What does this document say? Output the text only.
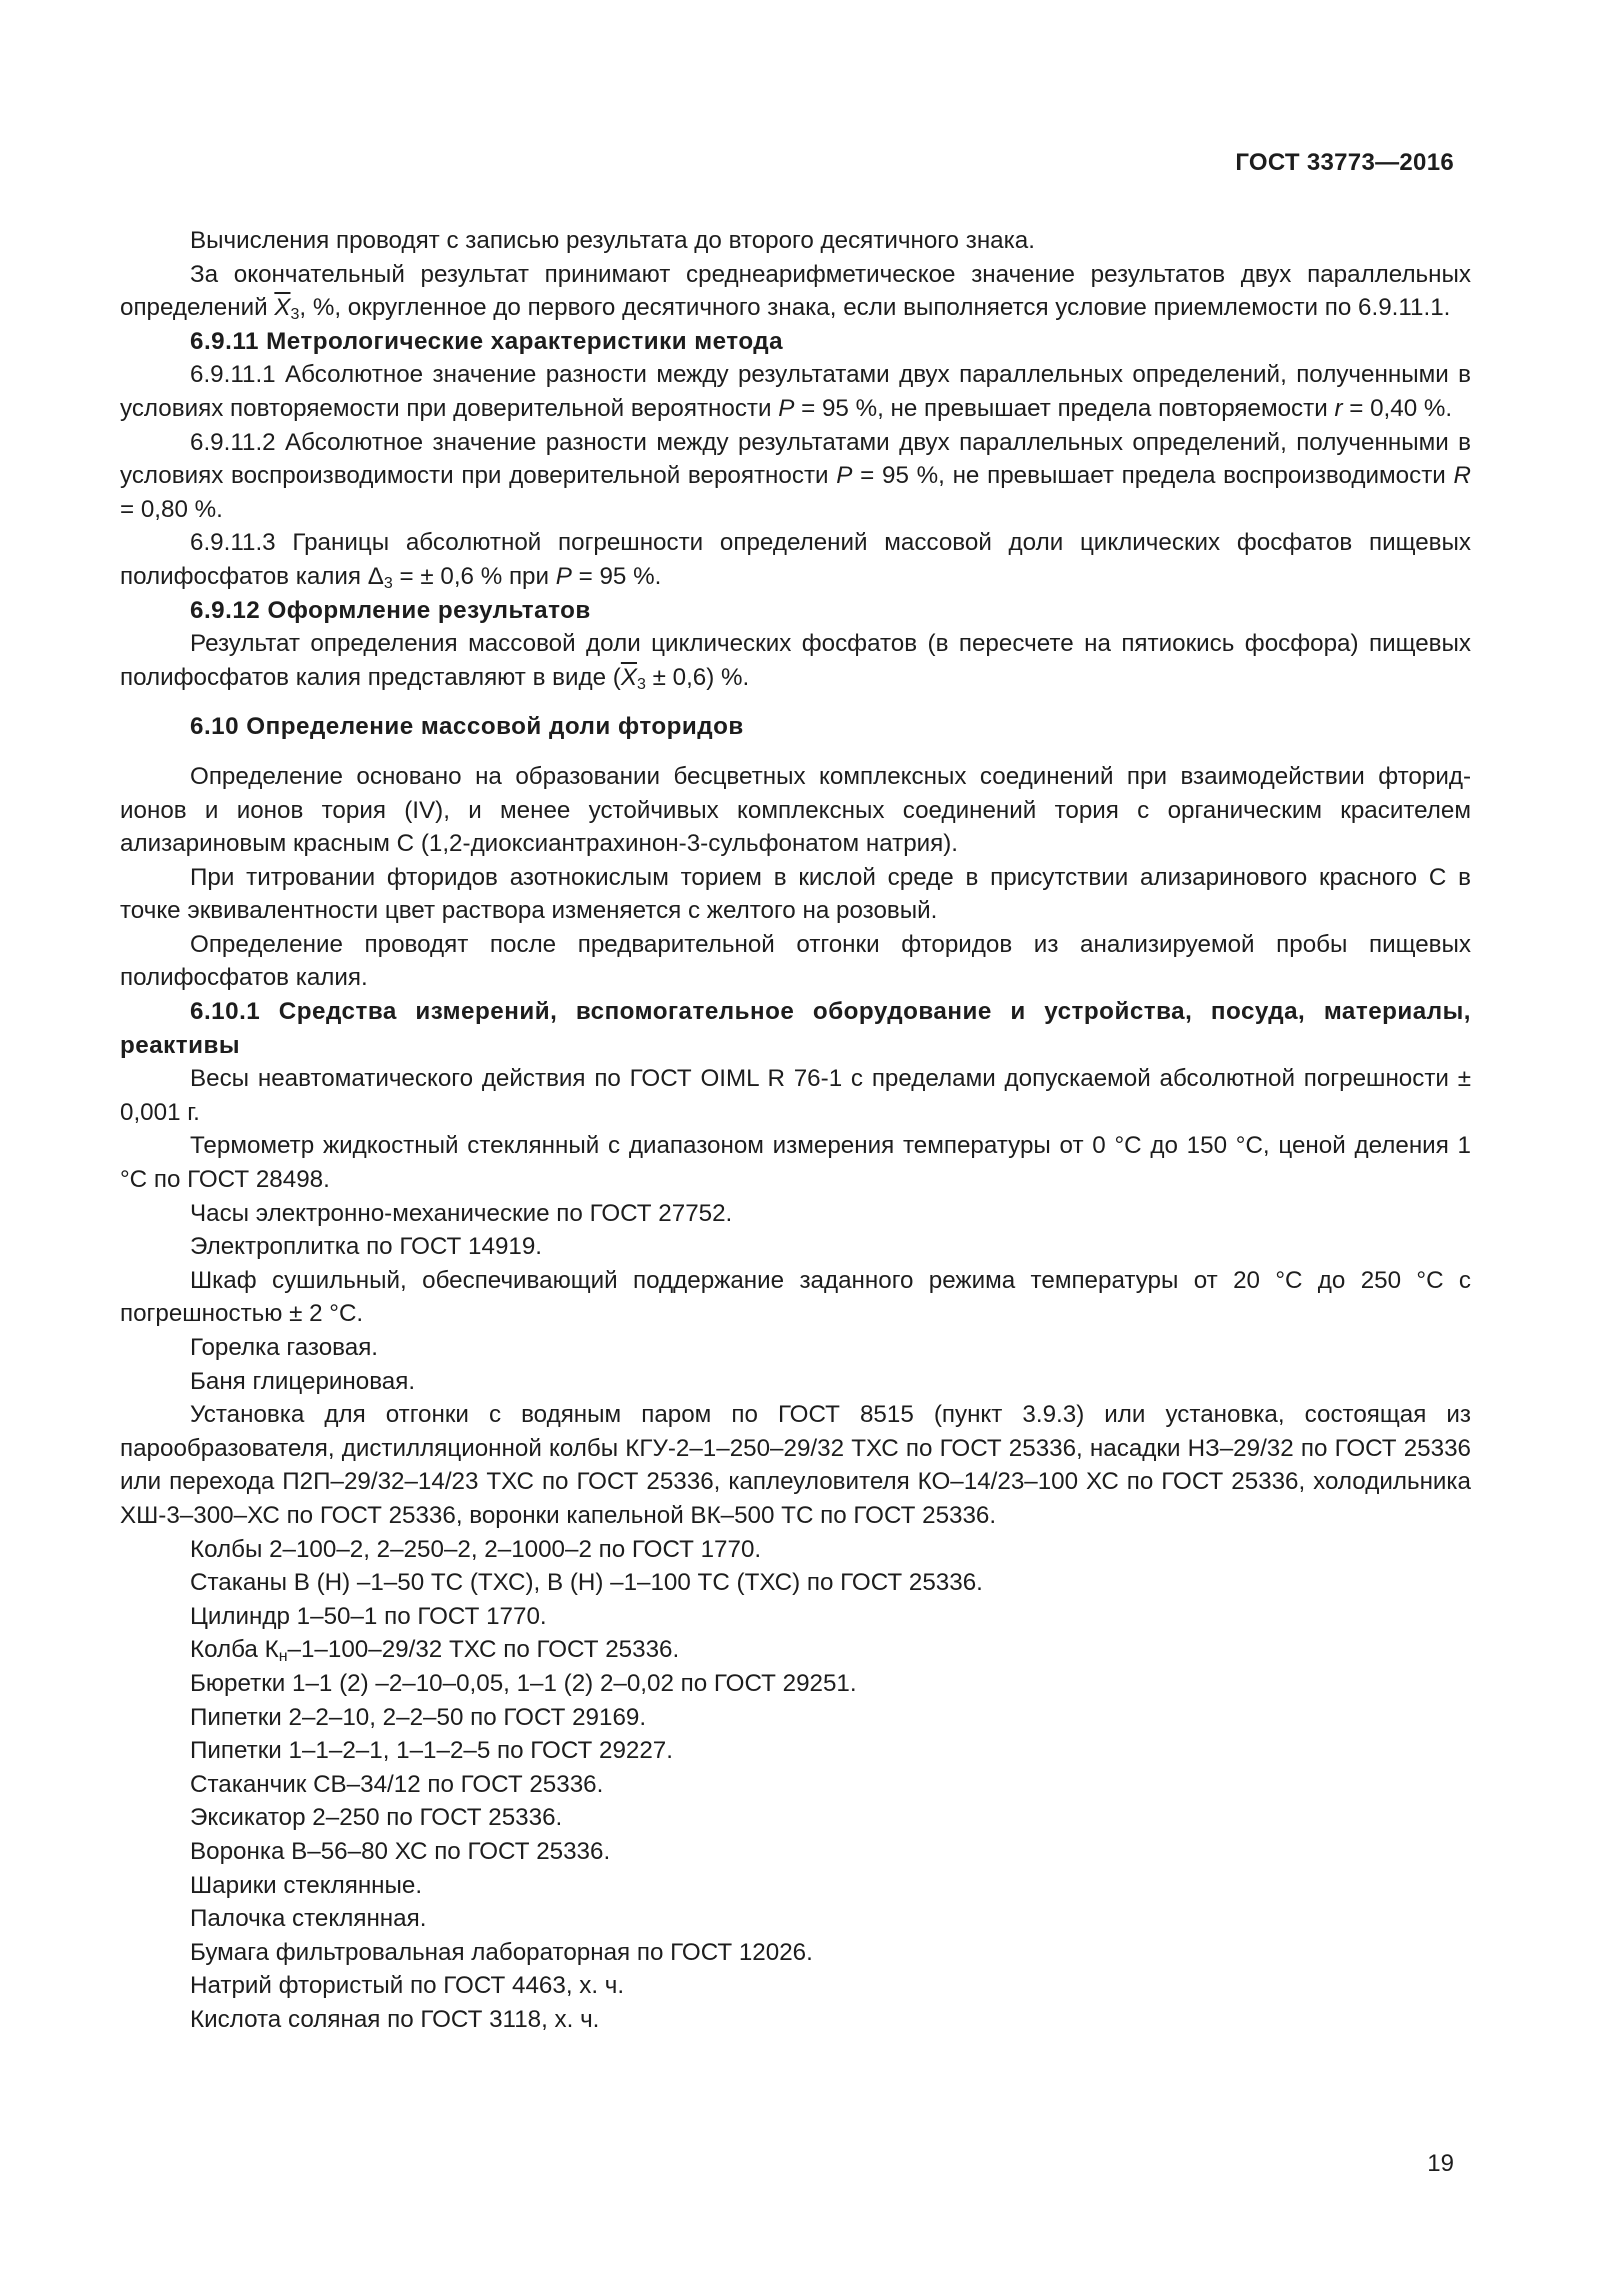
ГОСТ 33773—2016

Вычисления проводят с записью результата до второго десятичного знака.

За окончательный результат принимают среднеарифметическое значение результатов двух параллельных определений $\overline{X}_3$, %, округленное до первого десятичного знака, если выполняется условие приемлемости по 6.9.11.1.

6.9.11 Метрологические характеристики метода

6.9.11.1 Абсолютное значение разности между результатами двух параллельных определений, полученными в условиях повторяемости при доверительной вероятности P = 95 %, не превышает предела повторяемости r = 0,40 %.

6.9.11.2 Абсолютное значение разности между результатами двух параллельных определений, полученными в условиях воспроизводимости при доверительной вероятности P = 95 %, не превышает предела воспроизводимости R = 0,80 %.

6.9.11.3 Границы абсолютной погрешности определений массовой доли циклических фосфатов пищевых полифосфатов калия $\Delta_3$ = ± 0,6 % при P = 95 %.

6.9.12 Оформление результатов

Результат определения массовой доли циклических фосфатов (в пересчете на пятиокись фосфора) пищевых полифосфатов калия представляют в виде $(\overline{X}_3 \pm 0,6)$ %.

6.10 Определение массовой доли фторидов

Определение основано на образовании бесцветных комплексных соединений при взаимодействии фторид-ионов и ионов тория (IV), и менее устойчивых комплексных соединений тория с органическим красителем ализариновым красным С (1,2-диоксиантрахинон-3-сульфонатом натрия).

При титровании фторидов азотнокислым торием в кислой среде в присутствии ализаринового красного С в точке эквивалентности цвет раствора изменяется с желтого на розовый.

Определение проводят после предварительной отгонки фторидов из анализируемой пробы пищевых полифосфатов калия.

6.10.1 Средства измерений, вспомогательное оборудование и устройства, посуда, материалы, реактивы

Весы неавтоматического действия по ГОСТ OIML R 76-1 с пределами допускаемой абсолютной погрешности ± 0,001 г.

Термометр жидкостный стеклянный с диапазоном измерения температуры от 0 °С до 150 °С, ценой деления 1 °С по ГОСТ 28498.

Часы электронно-механические по ГОСТ 27752.

Электроплитка по ГОСТ 14919.

Шкаф сушильный, обеспечивающий поддержание заданного режима температуры от 20 °С до 250 °С с погрешностью ± 2 °С.

Горелка газовая.

Баня глицериновая.

Установка для отгонки с водяным паром по ГОСТ 8515 (пункт 3.9.3) или установка, состоящая из парообразователя, дистилляционной колбы КГУ-2–1–250–29/32 ТХС по ГОСТ 25336, насадки НЗ–29/32 по ГОСТ 25336 или перехода П2П–29/32–14/23 ТХС по ГОСТ 25336, каплеуловителя КО–14/23–100 ХС по ГОСТ 25336, холодильника ХШ-3–300–ХС по ГОСТ 25336, воронки капельной ВК–500 ТС по ГОСТ 25336.

Колбы 2–100–2, 2–250–2, 2–1000–2 по ГОСТ 1770.

Стаканы В (Н) –1–50 ТС (ТХС), В (Н) –1–100 ТС (ТХС) по ГОСТ 25336.

Цилиндр 1–50–1 по ГОСТ 1770.

Колба $К_н-1-100-29/32$ ТХС по ГОСТ 25336.

Бюретки 1–1 (2) –2–10–0,05, 1–1 (2) 2–0,02 по ГОСТ 29251.

Пипетки 2–2–10, 2–2–50 по ГОСТ 29169.

Пипетки 1–1–2–1, 1–1–2–5 по ГОСТ 29227.

Стаканчик СВ–34/12 по ГОСТ 25336.

Эксикатор 2–250 по ГОСТ 25336.

Воронка В–56–80 ХС по ГОСТ 25336.

Шарики стеклянные.

Палочка стеклянная.

Бумага фильтровальная лабораторная по ГОСТ 12026.

Натрий фтористый по ГОСТ 4463, х. ч.

Кислота соляная по ГОСТ 3118, х. ч.

19
